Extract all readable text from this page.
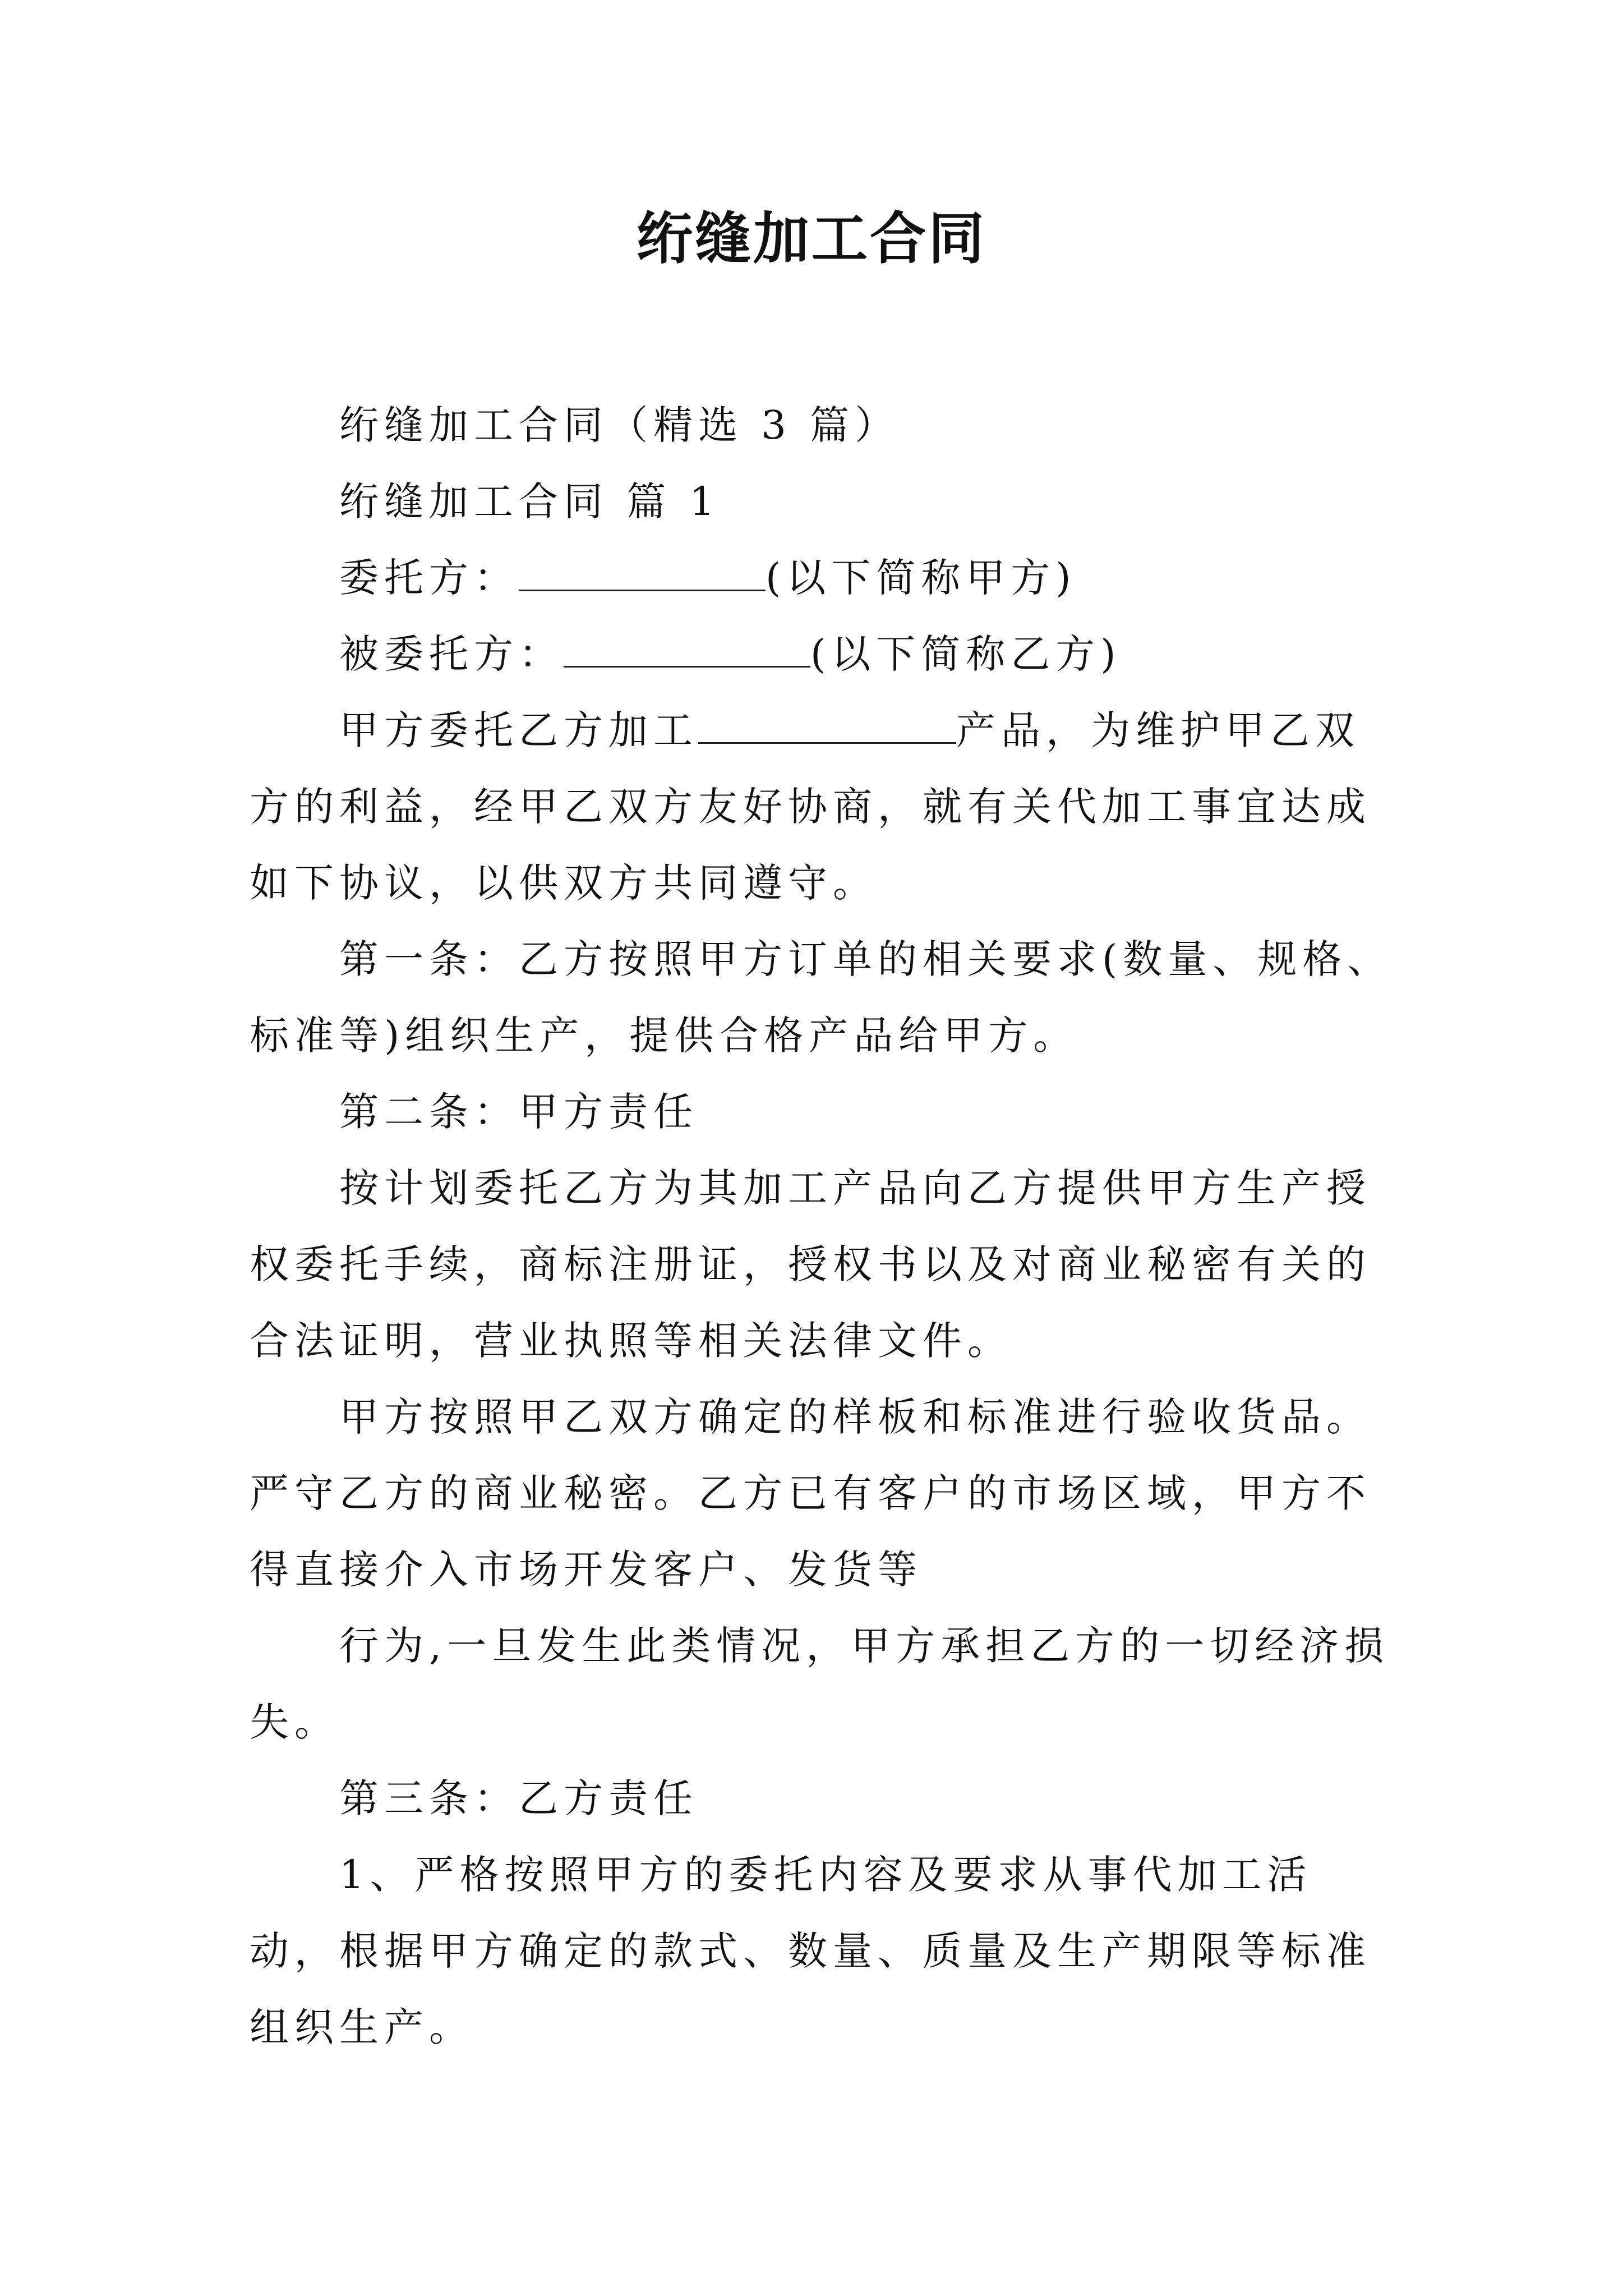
绗缝加工合同

绗缝加工合同（精选 3 篇）

绗缝加工合同 篇 1

委托方：	(以下简称甲方)

被委托方：	(以下简称乙方)

甲方委托乙方加工	产品，为维护甲乙双方的利益，经甲乙双方友好协商，就有关代加工事宜达成如下协议，以供双方共同遵守。

第一条：乙方按照甲方订单的相关要求(数量、规格、标准等)组织生产，提供合格产品给甲方。

第二条：甲方责任

按计划委托乙方为其加工产品向乙方提供甲方生产授权委托手续，商标注册证，授权书以及对商业秘密有关的合法证明，营业执照等相关法律文件。

甲方按照甲乙双方确定的样板和标准进行验收货品。严守乙方的商业秘密。乙方已有客户的市场区域，甲方不得直接介入市场开发客户、发货等

行为,一旦发生此类情况，甲方承担乙方的一切经济损失。

第三条：乙方责任

1、严格按照甲方的委托内容及要求从事代加工活动，根据甲方确定的款式、数量、质量及生产期限等标准组织生产。
